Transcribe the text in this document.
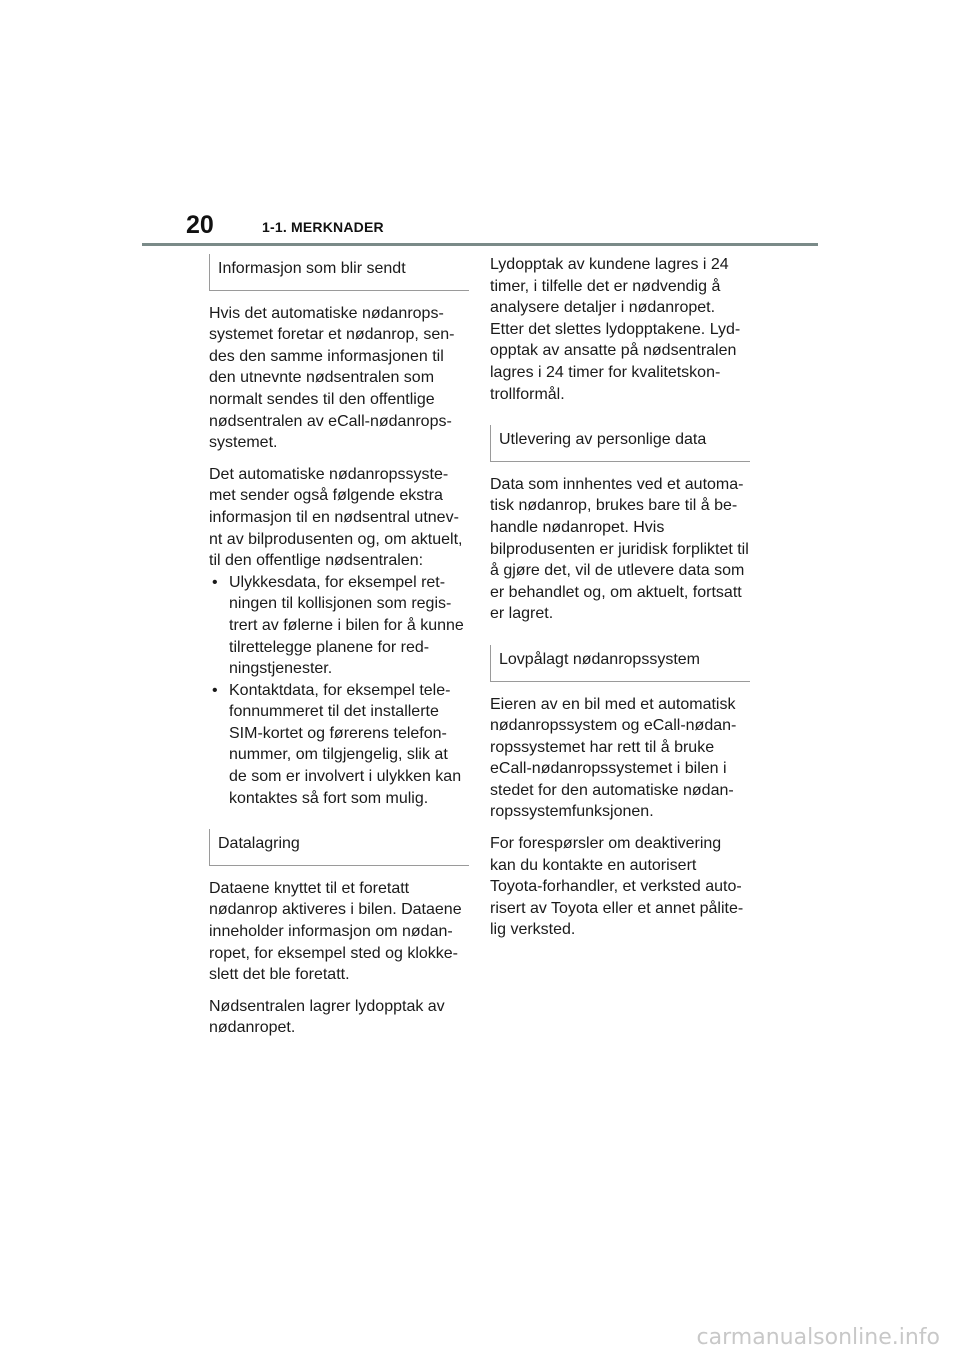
20	1-1. MERKNADER
Informasjon som blir sendt

Hvis det automatiske nødanrops-systemet foretar et nødanrop, sen-des den samme informasjonen til den utnevnte nødsentralen som normalt sendes til den offentlige nødsentralen av eCall-nødanrops-systemet.

Det automatiske nødanropssyste-met sender også følgende ekstra informasjon til en nødsentral utnev-nt av bilprodusenten og, om aktuelt, til den offentlige nødsentralen:

• Ulykkesdata, for eksempel ret-ningen til kollisjonen som regis-trert av følerne i bilen for å kunne tilrettelegge planene for red-ningstjenester.
• Kontaktdata, for eksempel tele-fonnummeret til det installerte SIM-kortet og førerens telefon-nummer, om tilgjengelig, slik at de som er involvert i ulykken kan kontaktes så fort som mulig.
Datalagring

Dataene knyttet til et foretatt nødanrop aktiveres i bilen. Dataene inneholder informasjon om nødan-ropet, for eksempel sted og klokke-slett det ble foretatt.

Nødsentralen lagrer lydopptak av nødanropet.

Lydopptak av kundene lagres i 24 timer, i tilfelle det er nødvendig å analysere detaljer i nødanropet. Etter det slettes lydopptakene. Lyd-opptak av ansatte på nødsentralen lagres i 24 timer for kvalitetskon-trollformål.

Utlevering av personlige data

Data som innhentes ved et automa-tisk nødanrop, brukes bare til å be-handle nødanropet. Hvis bilprodusenten er juridisk forpliktet til å gjøre det, vil de utlevere data som er behandlet og, om aktuelt, fortsatt er lagret.

Lovpålagt nødanropssystem

Eieren av en bil med et automatisk nødanropssystem og eCall-nødan-ropssystemet har rett til å bruke eCall-nødanropssystemet i bilen i stedet for den automatiske nødan-ropssystemfunksjonen.

For forespørsler om deaktivering kan du kontakte en autorisert Toyota-forhandler, et verksted auto-risert av Toyota eller et annet pålite-lig verksted.

carmanualsonline.info
